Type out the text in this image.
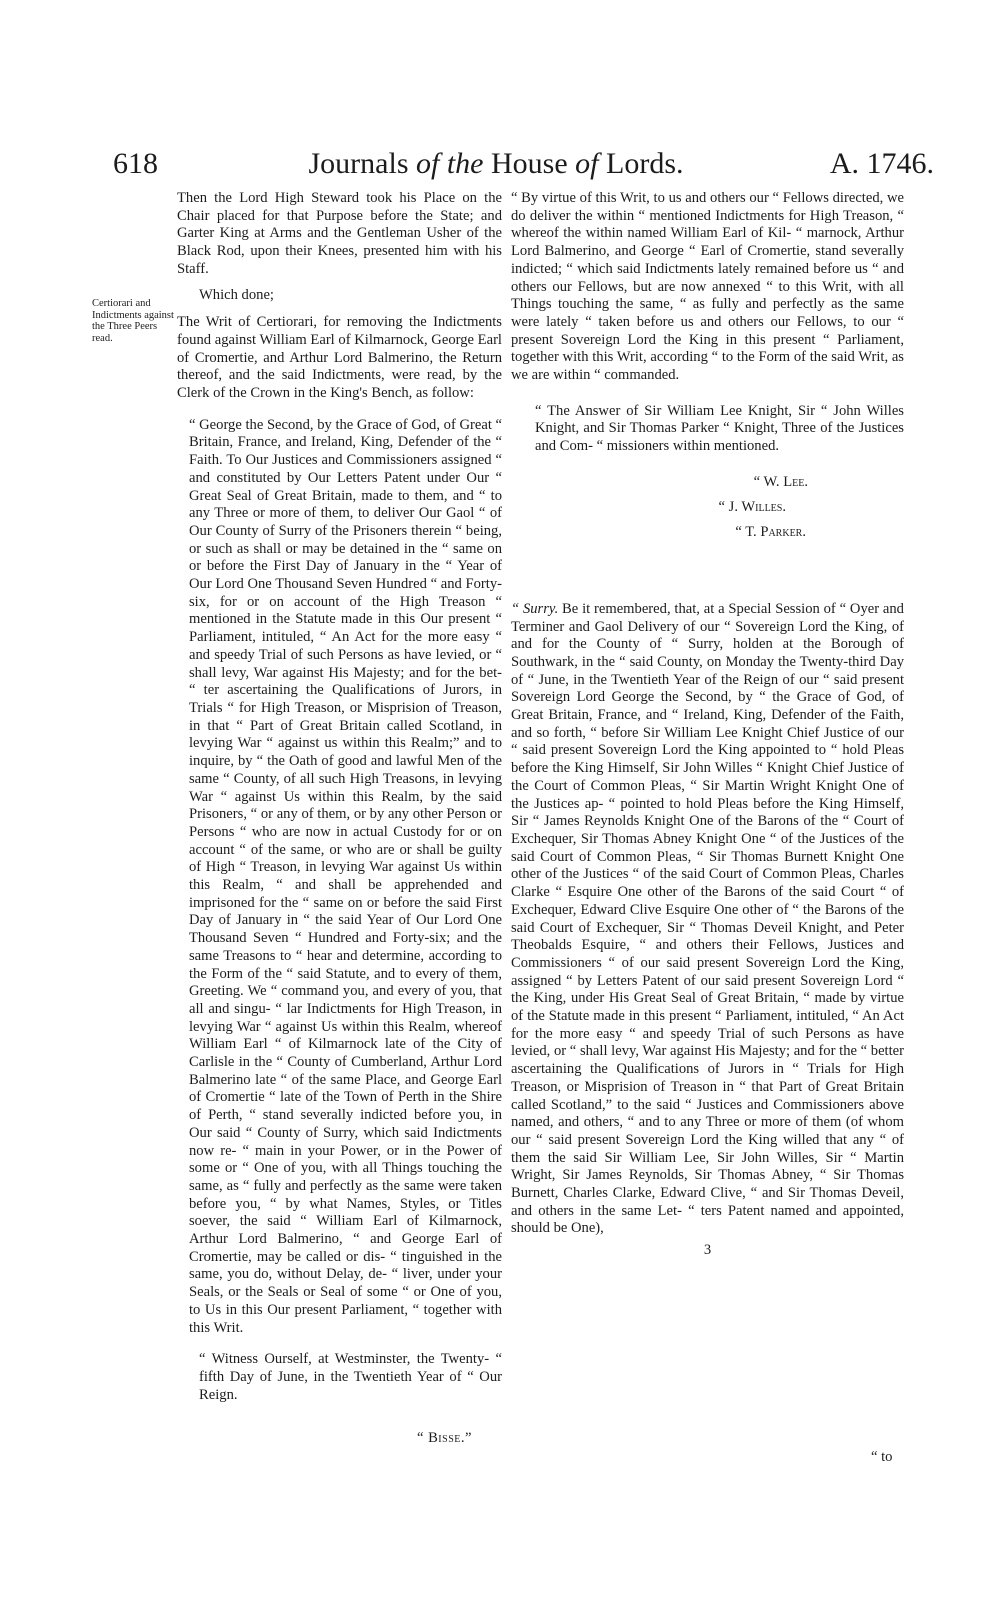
618	Journals of the House of Lords.	A. 1746.
Certiorari and Indictments against the Three Peers read.

Then the Lord High Steward took his Place on the Chair placed for that Purpose before the State; and Garter King at Arms and the Gentleman Usher of the Black Rod, upon their Knees, presented him with his Staff.

Which done;

The Writ of Certiorari, for removing the Indictments found against William Earl of Kilmarnock, George Earl of Cromertie, and Arthur Lord Balmerino, the Return thereof, and the said Indictments, were read, by the Clerk of the Crown in the King's Bench, as follow:

“ George the Second, by the Grace of God, of Great “ Britain, France, and Ireland, King, Defender of the “ Faith. To Our Justices and Commissioners assigned “ and constituted by Our Letters Patent under Our “ Great Seal of Great Britain, made to them, and “ to any Three or more of them, to deliver Our Gaol “ of Our County of Surry of the Prisoners therein “ being, or such as shall or may be detained in the “ same on or before the First Day of January in the “ Year of Our Lord One Thousand Seven Hundred “ and Forty-six, for or on account of the High Treason “ mentioned in the Statute made in this Our present “ Parliament, intituled, “ An Act for the more easy “ and speedy Trial of such Persons as have levied, or “ shall levy, War against His Majesty; and for the bet- “ ter ascertaining the Qualifications of Jurors, in Trials “ for High Treason, or Misprision of Treason, in that “ Part of Great Britain called Scotland, in levying War “ against us within this Realm;” and to inquire, by “ the Oath of good and lawful Men of the same “ County, of all such High Treasons, in levying War “ against Us within this Realm, by the said Prisoners, “ or any of them, or by any other Person or Persons “ who are now in actual Custody for or on account “ of the same, or who are or shall be guilty of High “ Treason, in levying War against Us within this Realm, “ and shall be apprehended and imprisoned for the “ same on or before the said First Day of January in “ the said Year of Our Lord One Thousand Seven “ Hundred and Forty-six; and the same Treasons to “ hear and determine, according to the Form of the “ said Statute, and to every of them, Greeting. We “ command you, and every of you, that all and singu- “ lar Indictments for High Treason, in levying War “ against Us within this Realm, whereof William Earl “ of Kilmarnock late of the City of Carlisle in the “ County of Cumberland, Arthur Lord Balmerino late “ of the same Place, and George Earl of Cromertie “ late of the Town of Perth in the Shire of Perth, “ stand severally indicted before you, in Our said “ County of Surry, which said Indictments now re- “ main in your Power, or in the Power of some or “ One of you, with all Things touching the same, as “ fully and perfectly as the same were taken before you, “ by what Names, Styles, or Titles soever, the said “ William Earl of Kilmarnock, Arthur Lord Balmerino, “ and George Earl of Cromertie, may be called or dis- “ tinguished in the same, you do, without Delay, de- “ liver, under your Seals, or the Seals or Seal of some “ or One of you, to Us in this Our present Parliament, “ together with this Writ.

“ Witness Ourself, at Westminster, the Twenty- “ fifth Day of June, in the Twentieth Year of “ Our Reign.

“ Bisse.”

“ By virtue of this Writ, to us and others our “ Fellows directed, we do deliver the within “ mentioned Indictments for High Treason, “ whereof the within named William Earl of Kil- “ marnock, Arthur Lord Balmerino, and George “ Earl of Cromertie, stand severally indicted; “ which said Indictments lately remained before us “ and others our Fellows, but are now annexed “ to this Writ, with all Things touching the same, “ as fully and perfectly as the same were lately “ taken before us and others our Fellows, to our “ present Sovereign Lord the King in this present “ Parliament, together with this Writ, according “ to the Form of the said Writ, as we are within “ commanded.

“ The Answer of Sir William Lee Knight, Sir “ John Willes Knight, and Sir Thomas Parker “ Knight, Three of the Justices and Com- “ missioners within mentioned.

“ W. Lee.

“ J. Willes.

“ T. Parker.

“ Surry. Be it remembered, that, at a Special Session of “ Oyer and Terminer and Gaol Delivery of our “ Sovereign Lord the King, of and for the County of “ Surry, holden at the Borough of Southwark, in the “ said County, on Monday the Twenty-third Day of “ June, in the Twentieth Year of the Reign of our “ said present Sovereign Lord George the Second, by “ the Grace of God, of Great Britain, France, and “ Ireland, King, Defender of the Faith, and so forth, “ before Sir William Lee Knight Chief Justice of our “ said present Sovereign Lord the King appointed to “ hold Pleas before the King Himself, Sir John Willes “ Knight Chief Justice of the Court of Common Pleas, “ Sir Martin Wright Knight One of the Justices ap- “ pointed to hold Pleas before the King Himself, Sir “ James Reynolds Knight One of the Barons of the “ Court of Exchequer, Sir Thomas Abney Knight One “ of the Justices of the said Court of Common Pleas, “ Sir Thomas Burnett Knight One other of the Justices “ of the said Court of Common Pleas, Charles Clarke “ Esquire One other of the Barons of the said Court “ of Exchequer, Edward Clive Esquire One other of “ the Barons of the said Court of Exchequer, Sir “ Thomas Deveil Knight, and Peter Theobalds Esquire, “ and others their Fellows, Justices and Commissioners “ of our said present Sovereign Lord the King, assigned “ by Letters Patent of our said present Sovereign Lord “ the King, under His Great Seal of Great Britain, “ made by virtue of the Statute made in this present “ Parliament, intituled, “ An Act for the more easy “ and speedy Trial of such Persons as have levied, or “ shall levy, War against His Majesty; and for the “ better ascertaining the Qualifications of Jurors in “ Trials for High Treason, or Misprision of Treason in “ that Part of Great Britain called Scotland,” to the said “ Justices and Commissioners above named, and others, “ and to any Three or more of them (of whom our “ said present Sovereign Lord the King willed that any “ of them the said Sir William Lee, Sir John Willes, Sir “ Martin Wright, Sir James Reynolds, Sir Thomas Abney, “ Sir Thomas Burnett, Charles Clarke, Edward Clive, “ and Sir Thomas Deveil, and others in the same Let- “ ters Patent named and appointed, should be One),

3

“ to
